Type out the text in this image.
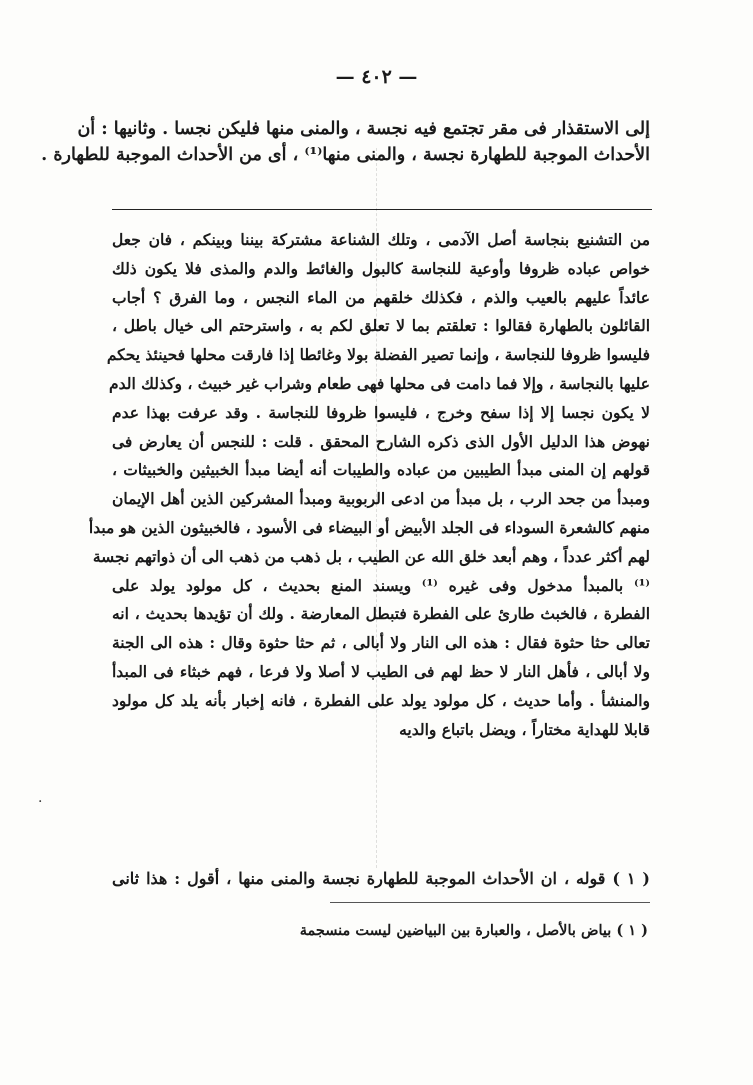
— ٤٠٢ —
إلى الاستقذار فى مقر تجتمع فيه نجسة ، والمنى منها فليكن نجسا . وثانيها : أن
الأحداث الموجبة للطهارة نجسة ، والمنى منها⁽¹⁾ ، أى من الأحداث الموجبة للطهارة .
من التشنيع بنجاسة أصل الآدمى ، وتلك الشناعة مشتركة بيننا وبينكم ، فان جعل
خواص عباده ظروفا وأوعية للنجاسة كالبول والغائط والدم والمذى فلا يكون ذلك
عائداً عليهم بالعيب والذم ، فكذلك خلقهم من الماء النجس ، وما الفرق ؟ أجاب
القائلون بالطهارة فقالوا : تعلقتم بما لا تعلق لكم به ، واسترحتم الى خيال باطل ،
فليسوا ظروفا للنجاسة ، وإنما تصير الفضلة بولا وغائطا إذا فارقت محلها فحينئذ يحكم
عليها بالنجاسة ، وإلا فما دامت فى محلها فهى طعام وشراب غير خبيث ، وكذلك الدم
لا يكون نجسا إلا إذا سفح وخرج ، فليسوا ظروفا للنجاسة . وقد عرفت بهذا عدم
نهوض هذا الدليل الأول الذى ذكره الشارح المحقق . قلت : للنجس أن يعارض فى
قولهم إن المنى مبدأ الطيبين من عباده والطيبات أنه أيضا مبدأ الخبيثين والخبيثات ،
ومبدأ من جحد الرب ، بل مبدأ من ادعى الربوبية ومبدأ المشركين الذين أهل الإيمان
منهم كالشعرة السوداء فى الجلد الأبيض أو البيضاء فى الأسود ، فالخبيثون الذين هو مبدأ
لهم أكثر عدداً ، وهم أبعد خلق الله عن الطيب ، بل ذهب من ذهب الى أن ذواتهم نجسة
⁽¹⁾ بالمبدأ مدخول وفى غيره ⁽¹⁾ ويسند المنع بحديث ، كل مولود يولد على
الفطرة ، فالخبث طارئ على الفطرة فتبطل المعارضة . ولك أن تؤيدها بحديث ، انه
تعالى حثا حثوة فقال : هذه الى النار ولا أبالى ، ثم حثا حثوة وقال : هذه الى الجنة
ولا أبالى ، فأهل النار لا حظ لهم فى الطيب لا أصلا ولا فرعا ، فهم خبثاء فى المبدأ
والمنشأ . وأما حديث ، كل مولود يولد على الفطرة ، فانه إخبار بأنه يلد كل مولود
قابلا للهداية مختاراً ، ويضل باتباع والديه
( ١ ) قوله ، ان الأحداث الموجبة للطهارة نجسة والمنى منها ، أقول : هذا ثانى
( ١ ) بياض بالأصل ، والعبارة بين البياضين ليست منسجمة
·
